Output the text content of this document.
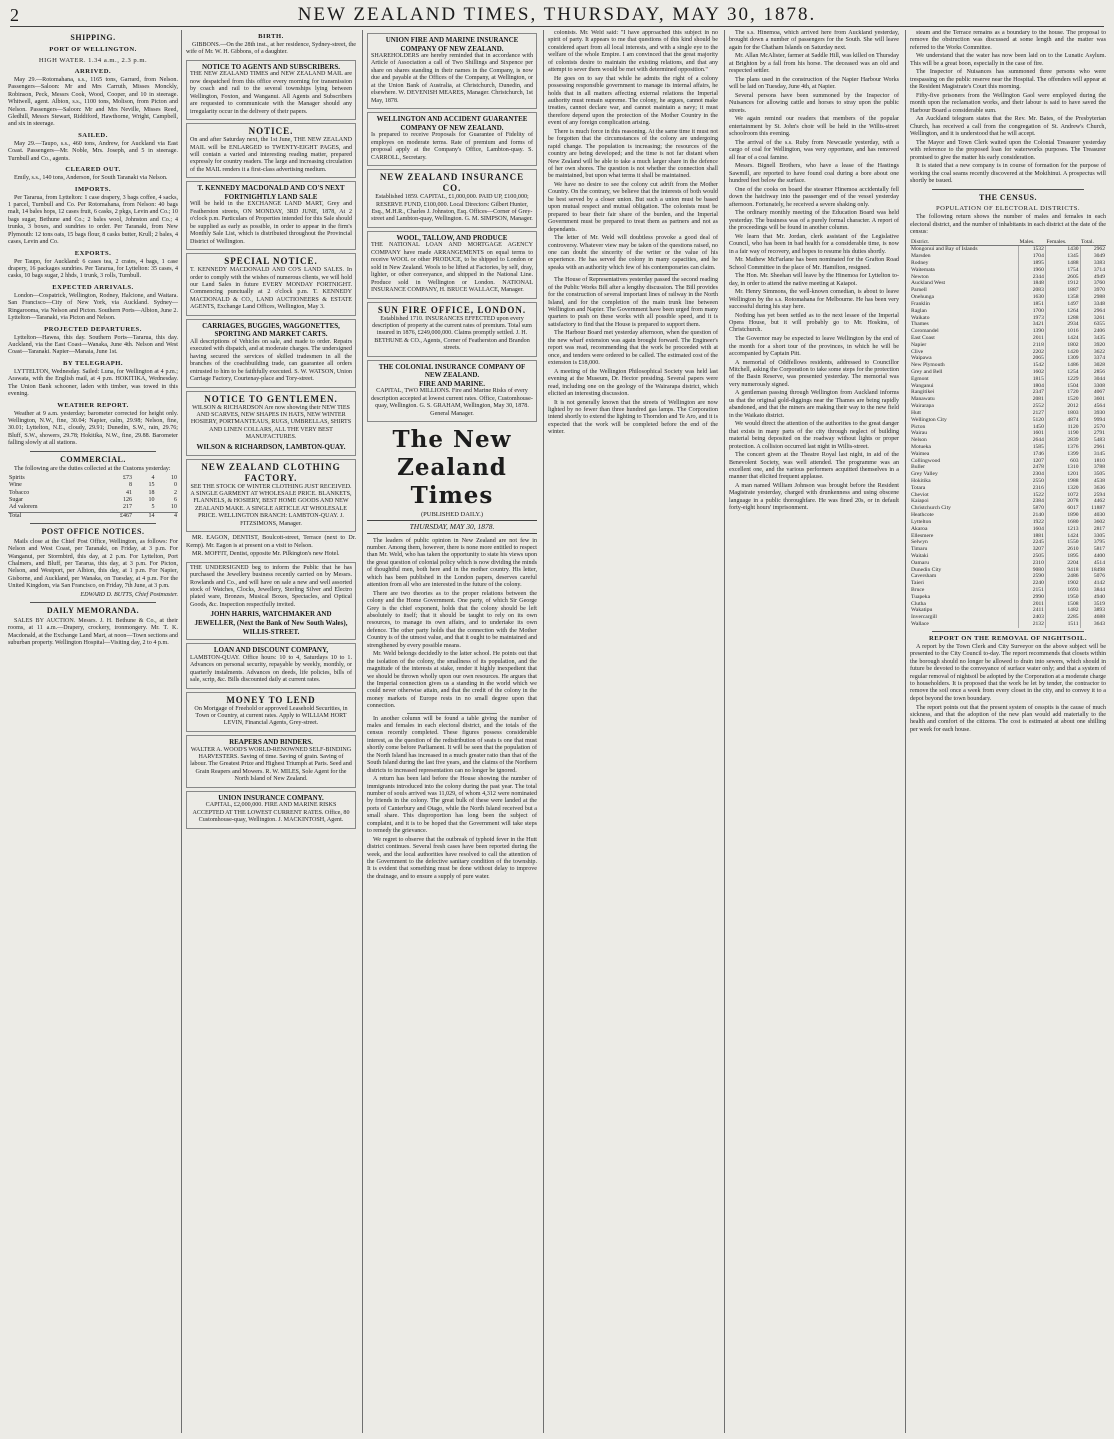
2	NEW ZEALAND TIMES, THURSDAY, MAY 30, 1878.
SHIPPING.
PORT OF WELLINGTON.
HIGH WATER. 1.34 a.m., 2.3 p.m.
ARRIVED.

May 29.—Rotomahana, s.s., 1165 tons, Garrard, from Nelson. Passengers—Saloon: Mr and Mrs Carruth, Misses Monckly, Robinson, Peck, Messrs Cook, Wood, Cooper, and 10 in steerage. Whitwell, agent. Albion, s.s., 1100 tons, Molison, from Picton and Nelson. Passengers—Saloon: Mr and Mrs Neville, Misses Reed, Gledhill, Messrs Stewart, Riddiford, Hawthorne, Wright, Campbell, and six in steerage.

SAILED.

May 29.—Taupo, s.s., 460 tons, Andrew, for Auckland via East Coast. Passengers—Mr. Noble, Mrs. Joseph, and 5 in steerage. Turnbull and Co., agents.

CLEARED OUT.

Emily, s.s., 140 tons, Anderson, for South Taranaki via Nelson.

IMPORTS.

Per Tararua, from Lyttelton: 1 case drapery, 3 bags coffee, 4 sacks, 1 parcel, Turnbull and Co. Per Rotomahana, from Nelson: 40 bags malt, 14 bales hops, 12 cases fruit, 6 casks, 2 pkgs, Levin and Co.; 10 bags sugar, Bethune and Co.; 2 bales wool, Johnston and Co.; 4 trunks, 3 boxes, and sundries to order. Per Taranaki, from New Plymouth: 12 tons oats, 15 bags flour, 8 casks butter, Krull; 2 bales, 4 cases, Levin and Co.

EXPORTS.

Per Taupo, for Auckland: 6 cases tea, 2 crates, 4 bags, 1 case drapery, 16 packages sundries. Per Tararua, for Lyttelton: 35 cases, 4 casks, 10 bags sugar, 2 hhds, 1 trunk, 3 rolls, Turnbull.

EXPECTED ARRIVALS.

London—Cospatrick, Wellington, Rodney, Halcione, and Waitara. San Francisco—City of New York, via Auckland. Sydney—Ringarooma, via Nelson and Picton. Southern Ports—Albion, June 2. Lyttelton—Taranaki, via Picton and Nelson.

PROJECTED DEPARTURES.

Lyttelton—Hawea, this day. Southern Ports—Tararua, this day. Auckland, via the East Coast—Wanaka, June 4th. Nelson and West Coast—Taranaki. Napier—Manaia, June 1st.

BY TELEGRAPH.

LYTTELTON, Wednesday. Sailed: Luna, for Wellington at 4 p.m.; Arawata, with the English mail, at 4 p.m. HOKITIKA, Wednesday. The Union Bank schooner, laden with timber, was towed in this evening.

WEATHER REPORT.

Weather at 9 a.m. yesterday; barometer corrected for height only. Wellington, N.W., fine, 30.04; Napier, calm, 29.98; Nelson, fine, 30.01; Lyttelton, N.E., cloudy, 29.91; Dunedin, S.W., rain, 29.76; Bluff, S.W., showers, 29.78; Hokitika, N.W., fine, 29.88. Barometer falling slowly at all stations.

COMMERCIAL.

The following are the duties collected at the Customs yesterday:

Spirits	£73	4	10
Wine	8	15	0
Tobacco	41	18	2
Sugar	126	10	6
Ad valorem	217	5	10
Total	£467	14	4
POST OFFICE NOTICES.

Mails close at the Chief Post Office, Wellington, as follows: For Nelson and West Coast, per Taranaki, on Friday, at 3 p.m. For Wanganui, per Stormbird, this day, at 2 p.m. For Lyttelton, Port Chalmers, and Bluff, per Tararua, this day, at 3 p.m. For Picton, Nelson, and Westport, per Albion, this day, at 1 p.m. For Napier, Gisborne, and Auckland, per Wanaka, on Tuesday, at 4 p.m. For the United Kingdom, via San Francisco, on Friday, 7th June, at 3 p.m.

EDWARD D. BUTTS, Chief Postmaster.

DAILY MEMORANDA.

SALES BY AUCTION. Messrs. J. H. Bethune & Co., at their rooms, at 11 a.m.—Drapery, crockery, ironmongery. Mr. T. K. Macdonald, at the Exchange Land Mart, at noon—Town sections and suburban property. Wellington Hospital—Visiting day, 2 to 4 p.m.

BIRTH.

GIBBONS.—On the 28th inst., at her residence, Sydney-street, the wife of Mr. W. H. Gibbons, of a daughter.

NOTICE TO AGENTS AND SUBSCRIBERS.

THE NEW ZEALAND TIMES and NEW ZEALAND MAIL are now despatched from this office every morning for transmission by coach and rail to the several townships lying between Wellington, Foxton, and Wanganui. All Agents and Subscribers are requested to communicate with the Manager should any irregularity occur in the delivery of their papers.

NOTICE.

On and after Saturday next, the 1st June, THE NEW ZEALAND MAIL will be ENLARGED to TWENTY-EIGHT PAGES, and will contain a varied and interesting reading matter, prepared expressly for country readers. The large and increasing circulation of the MAIL renders it a first-class advertising medium.

T. KENNEDY MACDONALD AND CO'S NEXT FORTNIGHTLY LAND SALE

Will be held in the EXCHANGE LAND MART, Grey and Featherston streets, ON MONDAY, 3RD JUNE, 1878, At 2 o'clock p.m. Particulars of Properties intended for this Sale should be supplied as early as possible, in order to appear in the firm's Monthly Sale List, which is distributed throughout the Provincial District of Wellington.

SPECIAL NOTICE.

T. KENNEDY MACDONALD AND CO'S LAND SALES. In order to comply with the wishes of numerous clients, we will hold our Land Sales in future EVERY MONDAY FORTNIGHT. Commencing punctually at 2 o'clock p.m. T. KENNEDY MACDONALD & CO., LAND AUCTIONEERS & ESTATE AGENTS, Exchange Land Offices, Wellington, May 3.

CARRIAGES, BUGGIES, WAGGONETTES, SPORTING AND MARKET CARTS.

All descriptions of Vehicles on sale, and made to order. Repairs executed with dispatch, and at moderate charges. The undersigned having secured the services of skilled tradesmen in all the branches of the coachbuilding trade, can guarantee all orders entrusted to him to be faithfully executed. S. W. WATSON, Union Carriage Factory, Courtenay-place and Tory-street.

NOTICE TO GENTLEMEN.

WILSON & RICHARDSON Are now showing their NEW TIES AND SCARVES, NEW SHAPES IN HATS, NEW WINTER HOSIERY, PORTMANTEAUS, RUGS, UMBRELLAS, SHIRTS AND LINEN COLLARS, ALL THE VERY BEST MANUFACTURES.

WILSON & RICHARDSON, LAMBTON-QUAY.

NEW ZEALAND CLOTHING FACTORY.

SEE THE STOCK OF WINTER CLOTHING JUST RECEIVED. A SINGLE GARMENT AT WHOLESALE PRICE. BLANKETS, FLANNELS, & HOSIERY, BEST HOME GOODS AND NEW ZEALAND MAKE. A SINGLE ARTICLE AT WHOLESALE PRICE. WELLINGTON BRANCH: LAMBTON-QUAY. J. FITZSIMONS, Manager.

MR. EAGON, DENTIST, Boulcott-street, Terrace (next to Dr. Kemp). Mr. Eagon is at present on a visit to Nelson.

MR. MOFFIT, Dentist, opposite Mr. Pilkington's new Hotel.

THE UNDERSIGNED beg to inform the Public that he has purchased the Jewellery business recently carried on by Messrs. Rowlands and Co., and will have on sale a new and well assorted stock of Watches, Clocks, Jewellery, Sterling Silver and Electro plated ware, Bronzes, Musical Boxes, Spectacles, and Optical Goods, &c. Inspection respectfully invited.

JOHN HARRIS, WATCHMAKER AND JEWELLER, (Next the Bank of New South Wales), WILLIS-STREET.

LOAN AND DISCOUNT COMPANY,

LAMBTON-QUAY. Office hours: 10 to 4, Saturdays 10 to 1. Advances on personal security, repayable by weekly, monthly, or quarterly instalments. Advances on deeds, life policies, bills of sale, scrip, &c. Bills discounted daily at current rates.

MONEY TO LEND

On Mortgage of Freehold or approved Leasehold Securities, in Town or Country, at current rates. Apply to WILLIAM HORT LEVIN, Financial Agents, Grey-street.

REAPERS AND BINDERS.

WALTER A. WOOD'S WORLD-RENOWNED SELF-BINDING HARVESTERS. Saving of time. Saving of grain. Saving of labour. The Greatest Prize and Highest Triumph at Paris. Seed and Grain Reapers and Mowers. R. W. MILES, Sole Agent for the North Island of New Zealand.

UNION INSURANCE COMPANY.

CAPITAL, £2,000,000. FIRE AND MARINE RISKS ACCEPTED AT THE LOWEST CURRENT RATES. Office, 80 Customhouse-quay, Wellington. J. MACKINTOSH, Agent.

UNION FIRE AND MARINE INSURANCE COMPANY OF NEW ZEALAND.

SHAREHOLDERS are hereby reminded that in accordance with Article of Association a call of Two Shillings and Sixpence per share on shares standing in their names in the Company, is now due and payable at the Offices of the Company, at Wellington, or at the Union Bank of Australia, at Christchurch, Dunedin, and elsewhere. W. DEVENISH MEARES, Manager. Christchurch, 1st May, 1878.

WELLINGTON AND ACCIDENT GUARANTEE COMPANY OF NEW ZEALAND.

Is prepared to receive Proposals for Guarantee of Fidelity of employes on moderate terms. Rate of premium and forms of proposal apply at the Company's Office, Lambton-quay. S. CARROLL, Secretary.

NEW ZEALAND INSURANCE CO.

Established 1859. CAPITAL, £1,000,000. PAID UP, £100,000; RESERVE FUND, £100,000. Local Directors: Gilbert Hunter, Esq., M.H.R., Charles J. Johnston, Esq. Offices—Corner of Grey-street and Lambton-quay, Wellington. G. M. SIMPSON, Manager.

WOOL, TALLOW, AND PRODUCE

THE NATIONAL LOAN AND MORTGAGE AGENCY COMPANY have made ARRANGEMENTS on equal terms to receive WOOL or other PRODUCE, to be shipped to London or sold in New Zealand. Wools to be lifted at Factories, by self, dray, lighter, or other conveyance, and shipped in the National Line. Produce sold in Wellington or London. NATIONAL INSURANCE COMPANY, H. BRUCE WALLACE, Manager.

SUN FIRE OFFICE, LONDON.

Established 1710. INSURANCES EFFECTED upon every description of property at the current rates of premium. Total sum insured in 1876, £249,000,000. Claims promptly settled. J. H. BETHUNE & CO., Agents, Corner of Featherston and Brandon streets.

THE COLONIAL INSURANCE COMPANY OF NEW ZEALAND.
FIRE AND MARINE.

CAPITAL, TWO MILLIONS. Fire and Marine Risks of every description accepted at lowest current rates. Office, Customhouse-quay, Wellington. G. S. GRAHAM, Wellington, May 30, 1878. General Manager.

The New Zealand Times
(PUBLISHED DAILY.)
THURSDAY, MAY 30, 1878.

The leaders of public opinion in New Zealand are not few in number. Among them, however, there is none more entitled to respect than Mr. Weld, who has taken the opportunity to state his views upon the great question of colonial policy which is now dividing the minds of thoughtful men, both here and in the mother country. His letter, which has been published in the London papers, deserves careful attention from all who are interested in the future of the colony.

There are two theories as to the proper relations between the colony and the Home Government. One party, of which Sir George Grey is the chief exponent, holds that the colony should be left absolutely to itself; that it should be taught to rely on its own resources, to manage its own affairs, and to undertake its own defence. The other party holds that the connection with the Mother Country is of the utmost value, and that it ought to be maintained and strengthened by every possible means.

Mr. Weld belongs decidedly to the latter school. He points out that the isolation of the colony, the smallness of its population, and the magnitude of the interests at stake, render it highly inexpedient that we should be thrown wholly upon our own resources. He argues that the Imperial connection gives us a standing in the world which we could never otherwise attain, and that the credit of the colony in the money markets of Europe rests in no small degree upon that connection.

In another column will be found a table giving the number of males and females in each electoral district, and the totals of the census recently completed. These figures possess considerable interest, as the question of the redistribution of seats is one that must shortly come before Parliament. It will be seen that the population of the North Island has increased in a much greater ratio than that of the South Island during the last five years, and the claims of the Northern districts to increased representation can no longer be ignored.

A return has been laid before the House showing the number of immigrants introduced into the colony during the past year. The total number of souls arrived was 11,029, of whom 4,312 were nominated by friends in the colony. The great bulk of these were landed at the ports of Canterbury and Otago, while the North Island received but a small share. This disproportion has long been the subject of complaint, and it is to be hoped that the Government will take steps to remedy the grievance.

We regret to observe that the outbreak of typhoid fever in the Hutt district continues. Several fresh cases have been reported during the week, and the local authorities have resolved to call the attention of the Government to the defective sanitary condition of the township. It is evident that something must be done without delay to improve the drainage, and to ensure a supply of pure water.

colonists. Mr. Weld said: "I have approached this subject in no spirit of party. It appears to me that questions of this kind should be considered apart from all local interests, and with a single eye to the welfare of the whole Empire. I am convinced that the great majority of colonists desire to maintain the existing relations, and that any attempt to sever them would be met with determined opposition."

He goes on to say that while he admits the right of a colony possessing responsible government to manage its internal affairs, he holds that in all matters affecting external relations the Imperial authority must remain supreme. The colony, he argues, cannot make treaties, cannot declare war, and cannot maintain a navy; it must therefore depend upon the protection of the Mother Country in the event of any foreign complication arising.

There is much force in this reasoning. At the same time it must not be forgotten that the circumstances of the colony are undergoing rapid change. The population is increasing; the resources of the country are being developed; and the time is not far distant when New Zealand will be able to take a much larger share in the defence of her own shores. The question is not whether the connection shall be maintained, but upon what terms it shall be maintained.

We have no desire to see the colony cut adrift from the Mother Country. On the contrary, we believe that the interests of both would be best served by a closer union. But such a union must be based upon mutual respect and mutual obligation. The colonists must be prepared to bear their fair share of the burden, and the Imperial Government must be prepared to treat them as partners and not as dependants.

The letter of Mr. Weld will doubtless provoke a good deal of controversy. Whatever view may be taken of the questions raised, no one can doubt the sincerity of the writer or the value of his experience. He has served the colony in many capacities, and he speaks with an authority which few of his contemporaries can claim.

The House of Representatives yesterday passed the second reading of the Public Works Bill after a lengthy discussion. The Bill provides for the construction of several important lines of railway in the North Island, and for the completion of the main trunk line between Wellington and Napier. The Government have been urged from many quarters to push on these works with all possible speed, and it is satisfactory to find that the House is prepared to support them.

The Harbour Board met yesterday afternoon, when the question of the new wharf extension was again brought forward. The Engineer's report was read, recommending that the work be proceeded with at once, and tenders were ordered to be called. The estimated cost of the extension is £18,000.

A meeting of the Wellington Philosophical Society was held last evening at the Museum, Dr. Hector presiding. Several papers were read, including one on the geology of the Wairarapa district, which elicited an interesting discussion.

It is not generally known that the streets of Wellington are now lighted by no fewer than three hundred gas lamps. The Corporation intend shortly to extend the lighting to Thorndon and Te Aro, and it is expected that the work will be completed before the end of the winter.

The s.s. Hinemoa, which arrived here from Auckland yesterday, brought down a number of passengers for the South. She will leave again for the Chatham Islands on Saturday next.

Mr. Allan McAlister, farmer at Saddle Hill, was killed on Thursday at Brighton by a fall from his horse. The deceased was an old and respected settler.

The plans used in the construction of the Napier Harbour Works will be laid on Tuesday, June 4th, at Napier.

Several persons have been summoned by the Inspector of Nuisances for allowing cattle and horses to stray upon the public streets.

We again remind our readers that members of the popular entertainment by St. John's choir will be held in the Willis-street schoolroom this evening.

The arrival of the s.s. Ruby from Newcastle yesterday, with a cargo of coal for Wellington, was very opportune, and has removed all fear of a coal famine.

Messrs. Bignell Brothers, who have a lease of the Hastings Sawmill, are reported to have found coal during a bore about one hundred feet below the surface.

One of the cooks on board the steamer Hinemoa accidentally fell down the hatchway into the passenger end of the vessel yesterday afternoon. Fortunately, he received a severe shaking only.

The ordinary monthly meeting of the Education Board was held yesterday. The business was of a purely formal character. A report of the proceedings will be found in another column.

We learn that Mr. Jordan, clerk assistant of the Legislative Council, who has been in bad health for a considerable time, is now in a fair way of recovery, and hopes to resume his duties shortly.

Mr. Mathew McFarlane has been nominated for the Grafton Road School Committee in the place of Mr. Hamilton, resigned.

The Hon. Mr. Sheehan will leave by the Hinemoa for Lyttelton to-day, in order to attend the native meeting at Kaiapoi.

Mr. Henry Simmons, the well-known comedian, is about to leave Wellington by the s.s. Rotomahana for Melbourne. He has been very successful during his stay here.

Nothing has yet been settled as to the next lessee of the Imperial Opera House, but it will probably go to Mr. Hoskins, of Christchurch.

The Governor may be expected to leave Wellington by the end of the month for a short tour of the provinces, in which he will be accompanied by Captain Pitt.

A memorial of Oddfellows residents, addressed to Councillor Mitchell, asking the Corporation to take some steps for the protection of the Basin Reserve, was presented yesterday. The memorial was very numerously signed.

A gentleman passing through Wellington from Auckland informs us that the original gold-diggings near the Thames are being rapidly abandoned, and that the miners are making their way to the new field in the Waikato district.

We would direct the attention of the authorities to the great danger that exists in many parts of the city through neglect of building material being deposited on the roadway without lights or proper protection. A collision occurred last night in Willis-street.

The concert given at the Theatre Royal last night, in aid of the Benevolent Society, was well attended. The programme was an excellent one, and the various performers acquitted themselves in a manner that elicited frequent applause.

A man named William Johnson was brought before the Resident Magistrate yesterday, charged with drunkenness and using obscene language in a public thoroughfare. He was fined 20s, or in default forty-eight hours' imprisonment.

steam and the Terrace remains as a boundary to the house. The proposal to remove the obstruction was discussed at some length and the matter was referred to the Works Committee.

We understand that the water has now been laid on to the Lunatic Asylum. This will be a great boon, especially in the case of fire.

The Inspector of Nuisances has summoned three persons who were trespassing on the public reserve near the Hospital. The offenders will appear at the Resident Magistrate's Court this morning.

Fifty-five prisoners from the Wellington Gaol were employed during the month upon the reclamation works, and their labour is said to have saved the Harbour Board a considerable sum.

An Auckland telegram states that the Rev. Mr. Bates, of the Presbyterian Church, has received a call from the congregation of St. Andrew's Church, Wellington, and it is understood that he will accept.

The Mayor and Town Clerk waited upon the Colonial Treasurer yesterday with reference to the proposed loan for waterworks purposes. The Treasurer promised to give the matter his early consideration.

It is stated that a new company is in course of formation for the purpose of working the coal seams recently discovered at the Mokihinui. A prospectus will shortly be issued.

THE CENSUS.
POPULATION OF ELECTORAL DISTRICTS.

The following return shows the number of males and females in each electoral district, and the number of inhabitants in each district at the date of the census:

District.	Males.	Females.	Total.
Mongonui and Bay of Islands	1532	1430	2962
Marsden	1704	1345	3049
Rodney	1895	1488	3383
Waitemata	1960	1754	3714
Newton	2344	2605	4949
Auckland West	1848	1912	3760
Parnell	2083	1887	3970
Onehunga	1630	1358	2988
Franklin	1851	1497	3348
Raglan	1700	1264	2964
Waikato	1973	1288	3261
Thames	3421	2934	6355
Coromandel	1390	1016	2406
East Coast	2011	1424	3435
Napier	2118	1802	3920
Clive	2202	1420	3622
Waipawa	2065	1309	3374
New Plymouth	1542	1486	3028
Grey and Bell	1602	1254	2856
Egmont	1815	1229	3044
Wanganui	1804	1504	3308
Rangitikei	2347	1720	4067
Manawatu	2081	1520	3601
Wairarapa	2552	2012	4564
Hutt	2127	1803	3930
Wellington City	5120	4874	9994
Picton	1450	1120	2570
Wairau	1601	1190	2791
Nelson	2644	2839	5483
Motueka	1585	1376	2961
Waimea	1746	1399	3145
Collingwood	1207	603	1810
Buller	2478	1310	3788
Grey Valley	2304	1201	3505
Hokitika	2550	1988	4538
Totara	2316	1320	3636
Cheviot	1522	1072	2594
Kaiapoi	2384	2078	4462
Christchurch City	5870	6017	11887
Heathcote	2140	1890	4030
Lyttelton	1922	1680	3602
Akaroa	1604	1213	2817
Ellesmere	1881	1424	3305
Selwyn	2245	1550	3795
Timaru	3207	2610	5817
Waitaki	2505	1895	4400
Oamaru	2310	2204	4514
Dunedin City	9080	9418	18498
Caversham	2590	2486	5076
Taieri	2240	1902	4142
Bruce	2151	1693	3844
Tuapeka	2990	1950	4940
Clutha	2011	1508	3519
Wakatipu	2411	1482	3893
Invercargill	2403	2285	4688
Wallace	2132	1511	3643
REPORT ON THE REMOVAL OF NIGHTSOIL.

A report by the Town Clerk and City Surveyor on the above subject will be presented to the City Council to-day. The report recommends that closets within the borough should no longer be allowed to drain into sewers, which should in future be devoted to the conveyance of surface water only; and that a system of regular removal of nightsoil be adopted by the Corporation at a moderate charge to householders. It is proposed that the work be let by tender, the contractor to remove the soil once a week from every closet in the city, and to convey it to a depot beyond the town boundary.

The report points out that the present system of cesspits is the cause of much sickness, and that the adoption of the new plan would add materially to the health and comfort of the citizens. The cost is estimated at about one shilling per week for each house.
